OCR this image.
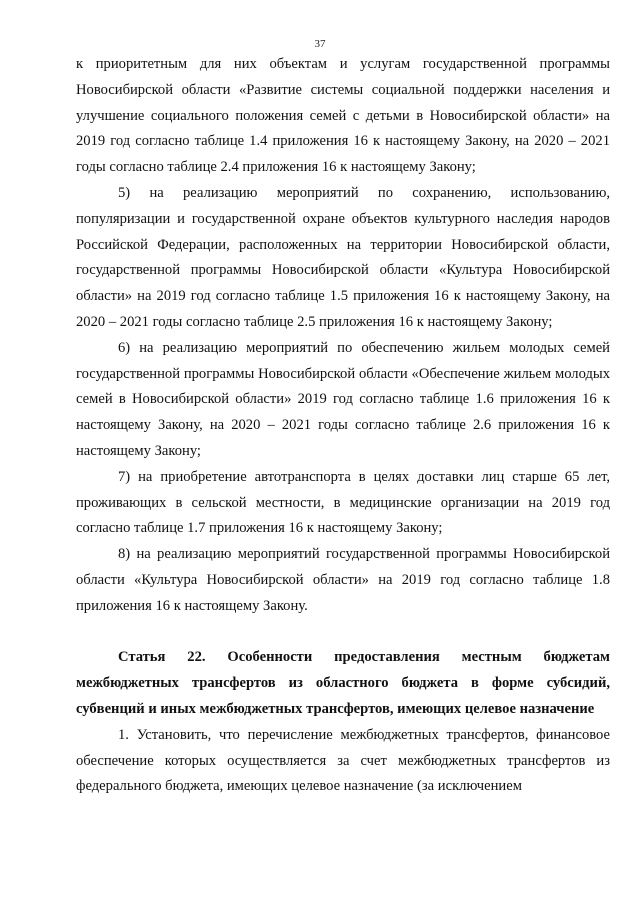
37

к приоритетным для них объектам и услугам государственной программы Новосибирской области «Развитие системы социальной поддержки населения и улучшение социального положения семей с детьми в Новосибирской области» на 2019 год согласно таблице 1.4 приложения 16 к настоящему Закону, на 2020 – 2021 годы согласно таблице 2.4 приложения 16 к настоящему Закону;

5) на реализацию мероприятий по сохранению, использованию, популяризации и государственной охране объектов культурного наследия народов Российской Федерации, расположенных на территории Новосибирской области, государственной программы Новосибирской области «Культура Новосибирской области» на 2019 год согласно таблице 1.5 приложения 16 к настоящему Закону, на 2020 – 2021 годы согласно таблице 2.5 приложения 16 к настоящему Закону;

6) на реализацию мероприятий по обеспечению жильем молодых семей государственной программы Новосибирской области «Обеспечение жильем молодых семей в Новосибирской области» 2019 год согласно таблице 1.6 приложения 16 к настоящему Закону, на 2020 – 2021 годы согласно таблице 2.6 приложения 16 к настоящему Закону;

7) на приобретение автотранспорта в целях доставки лиц старше 65 лет, проживающих в сельской местности, в медицинские организации на 2019 год согласно таблице 1.7 приложения 16 к настоящему Закону;

8) на реализацию мероприятий государственной программы Новосибирской области «Культура Новосибирской области» на 2019 год согласно таблице 1.8 приложения 16 к настоящему Закону.

Статья 22. Особенности предоставления местным бюджетам межбюджетных трансфертов из областного бюджета в форме субсидий, субвенций и иных межбюджетных трансфертов, имеющих целевое назначение

1. Установить, что перечисление межбюджетных трансфертов, финансовое обеспечение которых осуществляется за счет межбюджетных трансфертов из федерального бюджета, имеющих целевое назначение (за исключением
